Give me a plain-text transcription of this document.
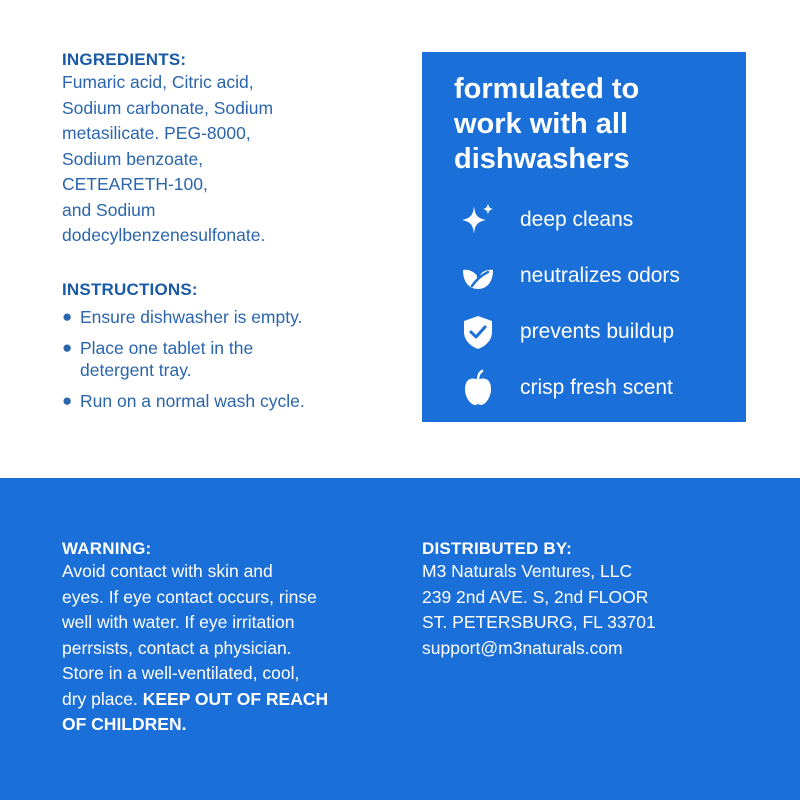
INGREDIENTS:
Fumaric acid, Citric acid,
Sodium carbonate, Sodium
metasilicate. PEG-8000,
Sodium benzoate,
CETEARETH-100,
and Sodium
dodecylbenzenesulfonate.
INSTRUCTIONS:
● Ensure dishwasher is empty.
● Place one tablet in the
detergent tray.
● Run on a normal wash cycle.
formulated to
work with all
dishwashers
deep cleans
neutralizes odors
prevents buildup
crisp fresh scent
WARNING:
Avoid contact with skin and
eyes. If eye contact occurs, rinse
well with water. If eye irritation
perrsists, contact a physician.
Store in a well-ventilated, cool,
dry place. KEEP OUT OF REACH
OF CHILDREN.
DISTRIBUTED BY:
M3 Naturals Ventures, LLC
239 2nd AVE. S, 2nd FLOOR
ST. PETERSBURG, FL 33701
support@m3naturals.com
